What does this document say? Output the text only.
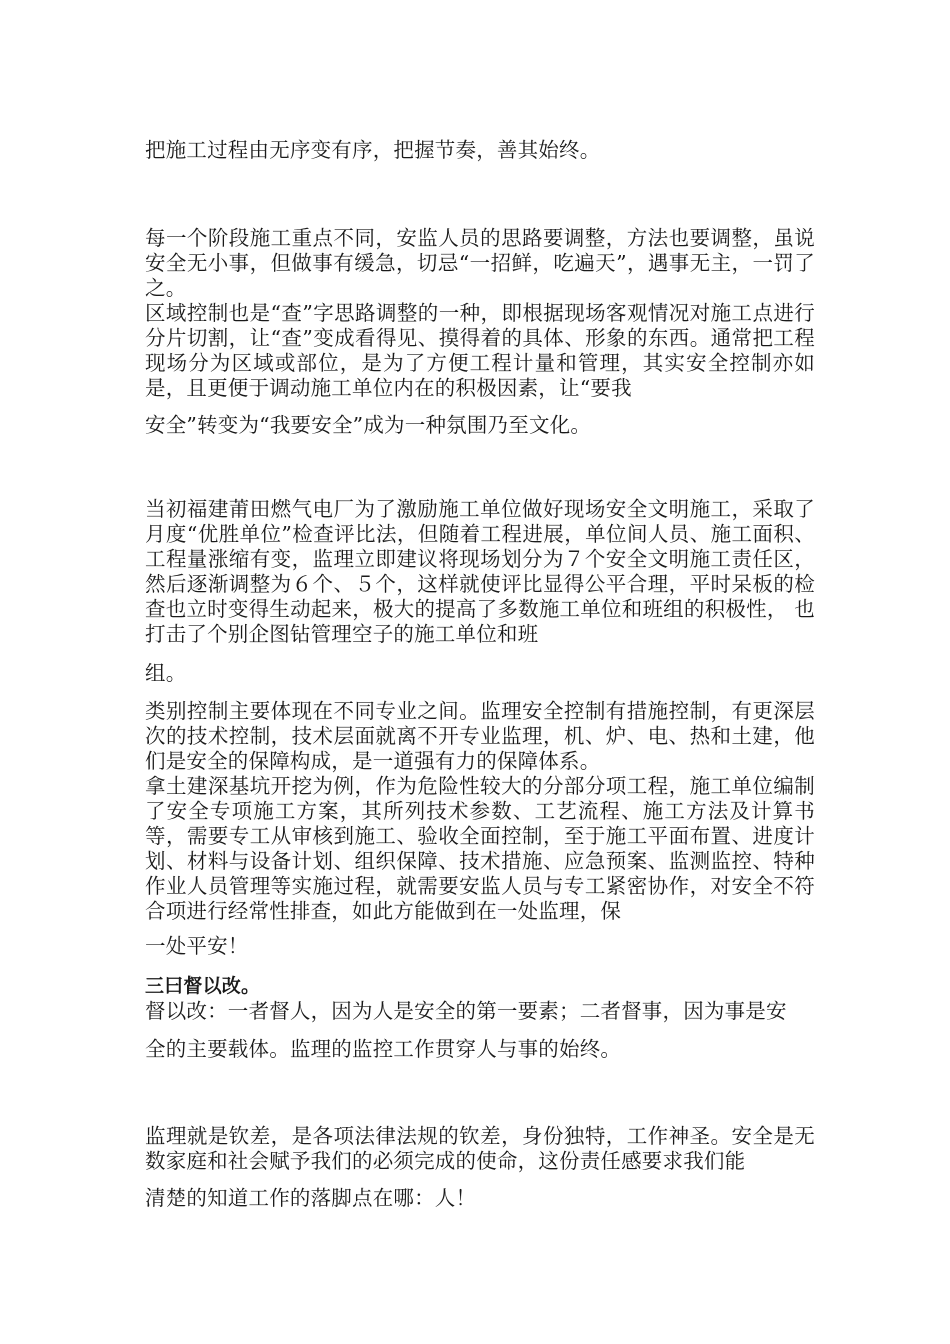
把施工过程由无序变有序，把握节奏，善其始终。

每一个阶段施工重点不同，安监人员的思路要调整，方法也要调整，虽说安全无小事，但做事有缓急，切忌“一招鲜，吃遍天”，遇事无主，一罚了之。

区域控制也是“查”字思路调整的一种，即根据现场客观情况对施工点进行分片切割，让“查”变成看得见、摸得着的具体、形象的东西。通常把工程现场分为区域或部位，是为了方便工程计量和管理，其实安全控制亦如是，且更便于调动施工单位内在的积极因素，让“要我

安全”转变为“我要安全”成为一种氛围乃至文化。

当初福建莆田燃气电厂为了激励施工单位做好现场安全文明施工，采取了月度“优胜单位”检查评比法，但随着工程进展，单位间人员、施工面积、工程量涨缩有变，监理立即建议将现场划分为７个安全文明施工责任区，然后逐渐调整为６个、５个，这样就使评比显得公平合理，平时呆板的检查也立时变得生动起来，极大的提高了多数施工单位和班组的积极性， 也打击了个别企图钻管理空子的施工单位和班

组。

类别控制主要体现在不同专业之间。监理安全控制有措施控制，有更深层次的技术控制，技术层面就离不开专业监理，机、炉、电、热和土建，他们是安全的保障构成，是一道强有力的保障体系。

拿土建深基坑开挖为例，作为危险性较大的分部分项工程，施工单位编制了安全专项施工方案，其所列技术参数、工艺流程、施工方法及计算书等，需要专工从审核到施工、验收全面控制，至于施工平面布置、进度计划、材料与设备计划、组织保障、技术措施、应急预案、监测监控、特种作业人员管理等实施过程，就需要安监人员与专工紧密协作，对安全不符合项进行经常性排查，如此方能做到在一处监理，保

一处平安！

三曰督以改。

督以改：一者督人，因为人是安全的第一要素；二者督事，因为事是安

全的主要载体。监理的监控工作贯穿人与事的始终。

监理就是钦差，是各项法律法规的钦差，身份独特，工作神圣。安全是无数家庭和社会赋予我们的必须完成的使命，这份责任感要求我们能

清楚的知道工作的落脚点在哪：人！
